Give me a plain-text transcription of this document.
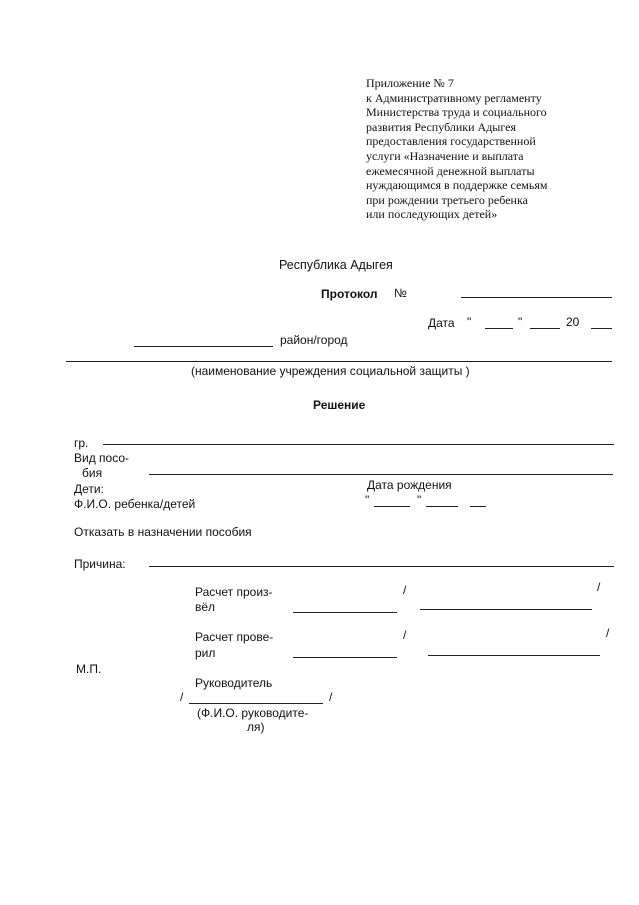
Приложение № 7
к Административному регламенту
Министерства труда и социального
развития Республики Адыгея
предоставления государственной
услуги «Назначение и выплата
ежемесячной денежной выплаты
нуждающимся в поддержке семьям
при рождении третьего ребенка
или последующих детей»
Республика Адыгея
Протокол №
Дата "	"	20
район/город
(наименование учреждения социальной защиты )
Решение
гр.
Вид посо-
бия
Дети:
Ф.И.О. ребенка/детей
Дата рождения
"	"
Отказать в назначении пособия
Причина:
Расчет произ-
вёл
/	/
Расчет прове-
рил
/	/
М.П.
Руководитель
/	/
(Ф.И.О. руководите-
ля)
